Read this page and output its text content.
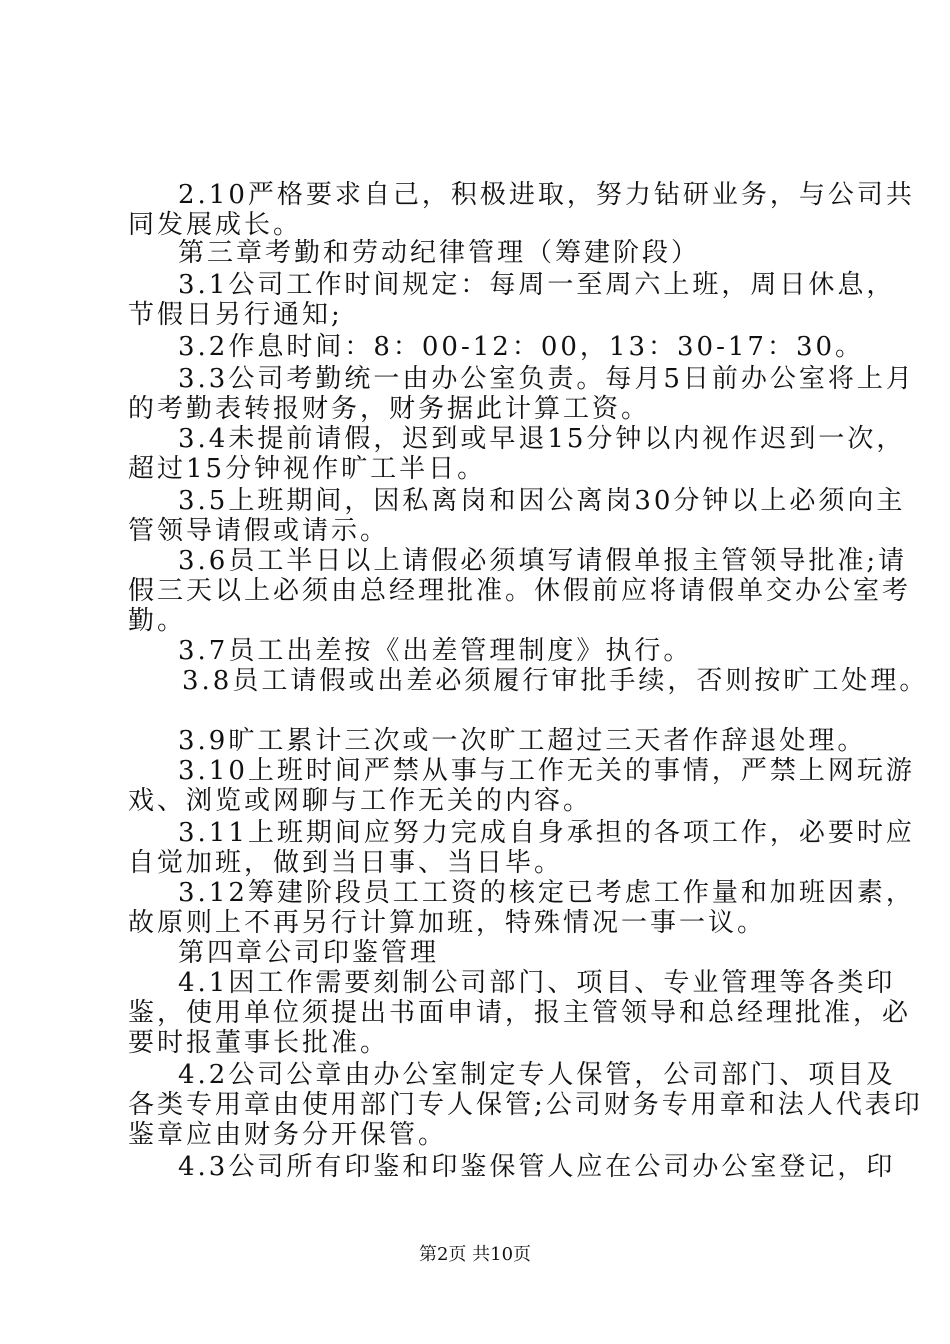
2.10严格要求自己，积极进取，努力钻研业务，与公司共
同发展成长。
第三章考勤和劳动纪律管理（筹建阶段）
3.1公司工作时间规定：每周一至周六上班，周日休息，
节假日另行通知;
3.2作息时间：8：00-12：00，13：30-17：30。
3.3公司考勤统一由办公室负责。每月5日前办公室将上月
的考勤表转报财务，财务据此计算工资。
3.4未提前请假，迟到或早退15分钟以内视作迟到一次，
超过15分钟视作旷工半日。
3.5上班期间，因私离岗和因公离岗30分钟以上必须向主
管领导请假或请示。
3.6员工半日以上请假必须填写请假单报主管领导批准;请
假三天以上必须由总经理批准。休假前应将请假单交办公室考
勤。
3.7员工出差按《出差管理制度》执行。
3.8员工请假或出差必须履行审批手续，否则按旷工处理。
3.9旷工累计三次或一次旷工超过三天者作辞退处理。
3.10上班时间严禁从事与工作无关的事情，严禁上网玩游
戏、浏览或网聊与工作无关的内容。
3.11上班期间应努力完成自身承担的各项工作，必要时应
自觉加班，做到当日事、当日毕。
3.12筹建阶段员工工资的核定已考虑工作量和加班因素，
故原则上不再另行计算加班，特殊情况一事一议。
第四章公司印鉴管理
4.1因工作需要刻制公司部门、项目、专业管理等各类印
鉴，使用单位须提出书面申请，报主管领导和总经理批准，必
要时报董事长批准。
4.2公司公章由办公室制定专人保管，公司部门、项目及
各类专用章由使用部门专人保管;公司财务专用章和法人代表印
鉴章应由财务分开保管。
4.3公司所有印鉴和印鉴保管人应在公司办公室登记，印
第2页 共10页
